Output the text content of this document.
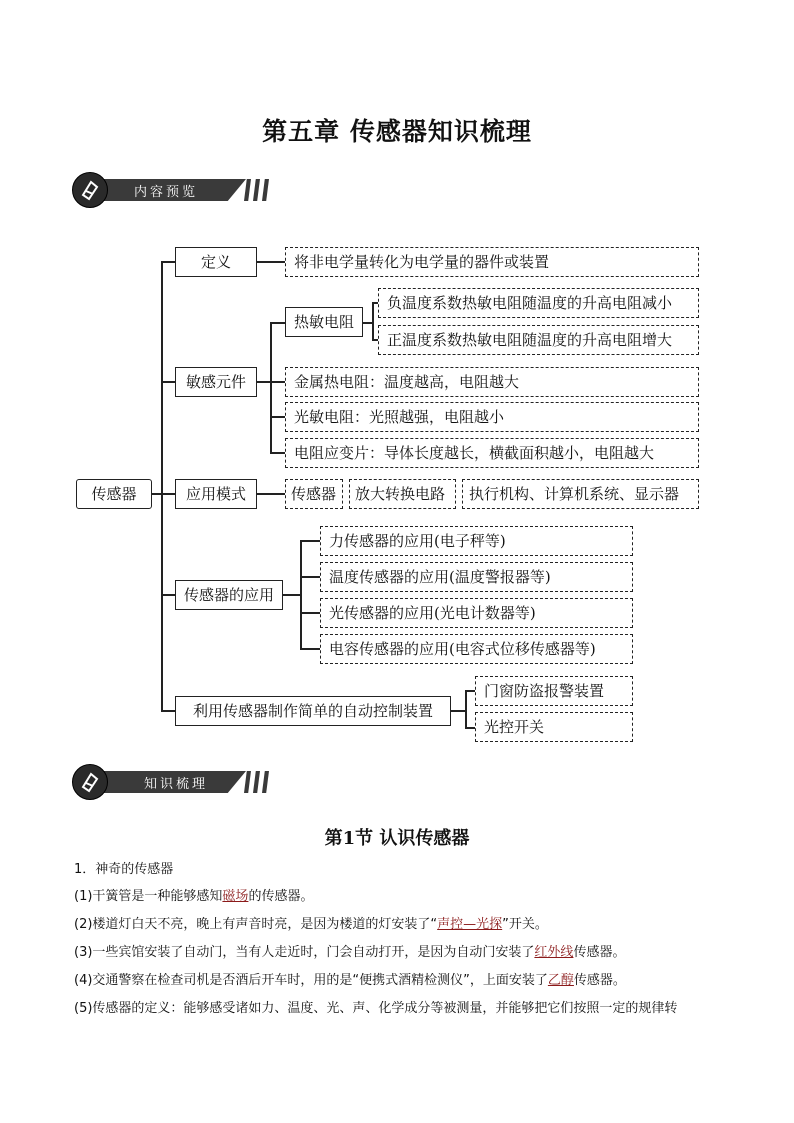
第五章 传感器知识梳理
内容预览
传感器
定义	将非电学量转化为电学量的器件或装置
敏感元件
热敏电阻
负温度系数热敏电阻随温度的升高电阻减小
正温度系数热敏电阻随温度的升高电阻增大
金属热电阻：温度越高，电阻越大
光敏电阻：光照越强，电阻越小
电阻应变片：导体长度越长，横截面积越小，电阻越大
应用模式	传感器	放大转换电路	执行机构、计算机系统、显示器
传感器的应用
力传感器的应用(电子秤等)
温度传感器的应用(温度警报器等)
光传感器的应用(光电计数器等)
电容传感器的应用(电容式位移传感器等)
利用传感器制作简单的自动控制装置
门窗防盗报警装置
光控开关
知识梳理
第1节 认识传感器
1．神奇的传感器
(1)干簧管是一种能够感知磁场的传感器。
(2)楼道灯白天不亮，晚上有声音时亮，是因为楼道的灯安装了“声控—光探”开关。
(3)一些宾馆安装了自动门，当有人走近时，门会自动打开，是因为自动门安装了红外线传感器。
(4)交通警察在检查司机是否酒后开车时，用的是“便携式酒精检测仪”，上面安装了乙醇传感器。
(5)传感器的定义：能够感受诸如力、温度、光、声、化学成分等被测量，并能够把它们按照一定的规律转
